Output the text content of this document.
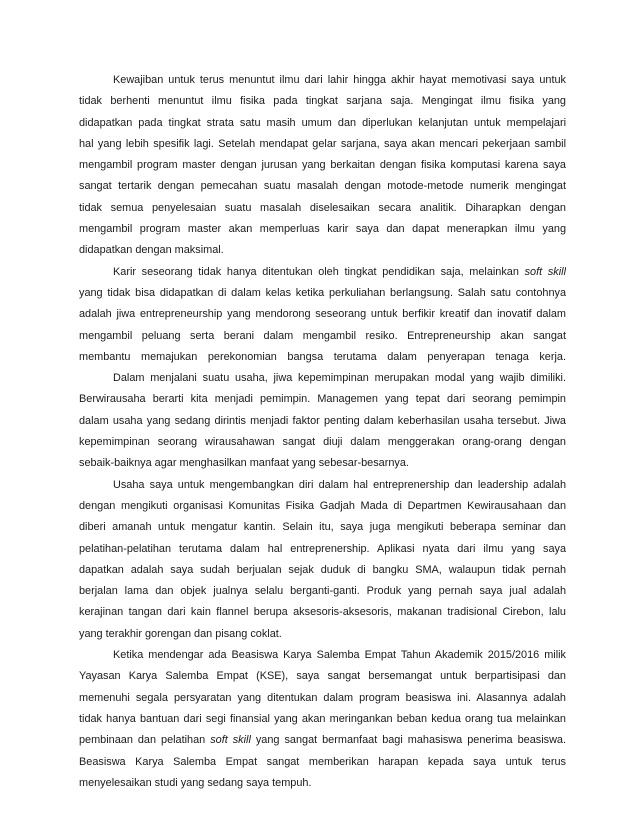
Kewajiban untuk terus menuntut ilmu dari lahir hingga akhir hayat memotivasi saya untuk
tidak berhenti menuntut ilmu fisika pada tingkat sarjana saja. Mengingat ilmu fisika yang
didapatkan pada tingkat strata satu masih umum dan diperlukan kelanjutan untuk mempelajari
hal yang lebih spesifik lagi. Setelah mendapat gelar sarjana, saya akan mencari pekerjaan sambil
mengambil program master dengan jurusan yang berkaitan dengan fisika komputasi karena saya
sangat tertarik dengan pemecahan suatu masalah dengan motode-metode numerik mengingat
tidak semua penyelesaian suatu masalah diselesaikan secara analitik. Diharapkan dengan
mengambil program master akan memperluas karir saya dan dapat menerapkan ilmu yang
didapatkan dengan maksimal.
Karir seseorang tidak hanya ditentukan oleh tingkat pendidikan saja, melainkan soft skill
yang tidak bisa didapatkan di dalam kelas ketika perkuliahan berlangsung. Salah satu contohnya
adalah jiwa entrepreneurship yang mendorong seseorang untuk berfikir kreatif dan inovatif dalam
mengambil peluang serta berani dalam mengambil resiko. Entrepreneurship akan sangat
membantu memajukan perekonomian bangsa terutama dalam penyerapan tenaga kerja.
Dalam menjalani suatu usaha, jiwa kepemimpinan merupakan modal yang wajib dimiliki.
Berwirausaha berarti kita menjadi pemimpin. Managemen yang tepat dari seorang pemimpin
dalam usaha yang sedang dirintis menjadi faktor penting dalam keberhasilan usaha tersebut. Jiwa
kepemimpinan seorang wirausahawan sangat diuji dalam menggerakan orang-orang dengan
sebaik-baiknya agar menghasilkan manfaat yang sebesar-besarnya.
Usaha saya untuk mengembangkan diri dalam hal entreprenership dan leadership adalah
dengan mengikuti organisasi Komunitas Fisika Gadjah Mada di Departmen Kewirausahaan dan
diberi amanah untuk mengatur kantin. Selain itu, saya juga mengikuti beberapa seminar dan
pelatihan-pelatihan terutama dalam hal entreprenership. Aplikasi nyata dari ilmu yang saya
dapatkan adalah saya sudah berjualan sejak duduk di bangku SMA, walaupun tidak pernah
berjalan lama dan objek jualnya selalu berganti-ganti. Produk yang pernah saya jual adalah
kerajinan tangan dari kain flannel berupa aksesoris-aksesoris, makanan tradisional Cirebon, lalu
yang terakhir gorengan dan pisang coklat.
Ketika mendengar ada Beasiswa Karya Salemba Empat Tahun Akademik 2015/2016 milik
Yayasan Karya Salemba Empat (KSE), saya sangat bersemangat untuk berpartisipasi dan
memenuhi segala persyaratan yang ditentukan dalam program beasiswa ini. Alasannya adalah
tidak hanya bantuan dari segi finansial yang akan meringankan beban kedua orang tua melainkan
pembinaan dan pelatihan soft skill yang sangat bermanfaat bagi mahasiswa penerima beasiswa.
Beasiswa Karya Salemba Empat sangat memberikan harapan kepada saya untuk terus
menyelesaikan studi yang sedang saya tempuh.
